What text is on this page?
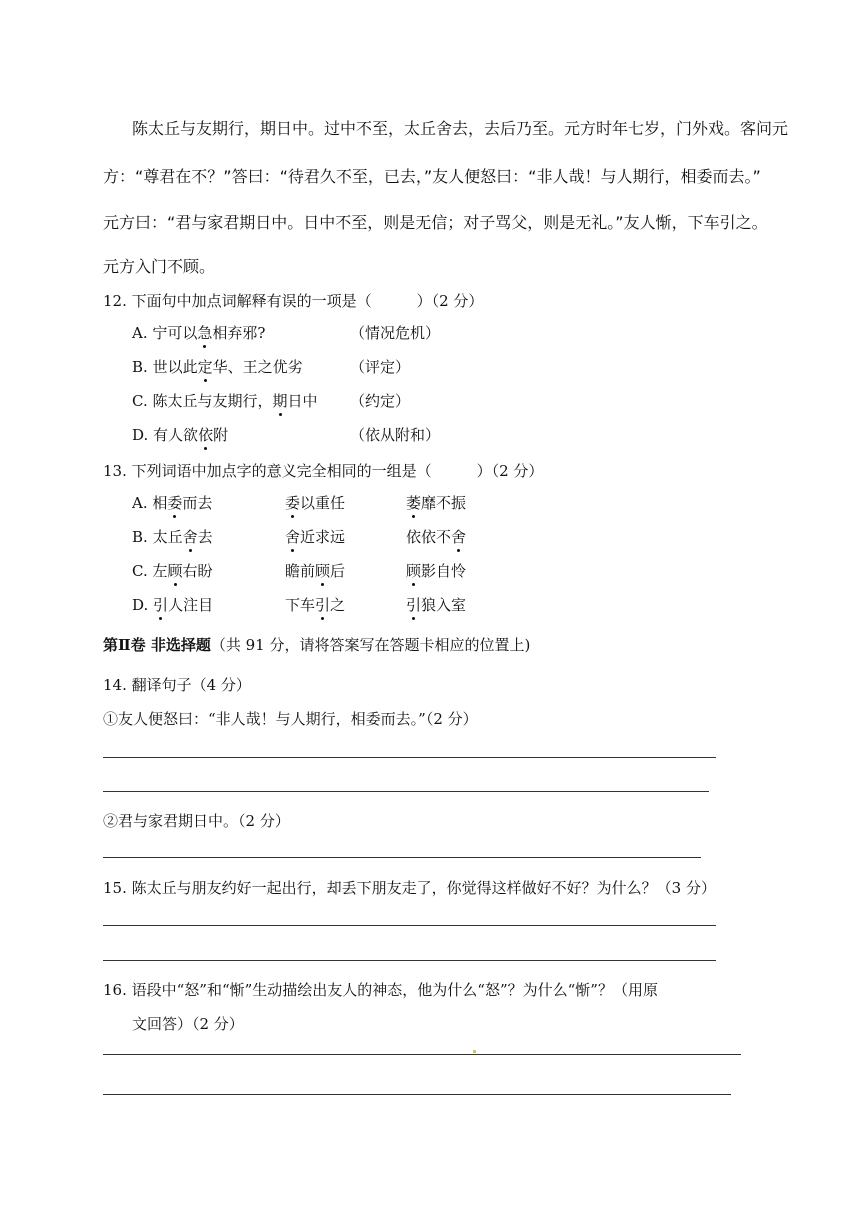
陈太丘与友期行，期日中。过中不至，太丘舍去，去后乃至。元方时年七岁，门外戏。客问元
方：“尊君在不？”答曰：“待君久不至，已去，”友人便怒曰：“非人哉！与人期行，相委而去。”
元方曰：“君与家君期日中。日中不至，则是无信；对子骂父，则是无礼。”友人惭，下车引之。
元方入门不顾。
12. 下面句中加点词解释有误的一项是（　　　）（2 分）
A. 宁可以急相弃邪?	（情况危机）
B. 世以此定华、王之优劣	（评定）
C. 陈太丘与友期行，期日中 （约定）
D. 有人欲依附	（依从附和）
13. 下列词语中加点字的意义完全相同的一组是（　　　）（2 分）
A. 相委而去	委以重任	萎靡不振
B. 太丘舍去	舍近求远	依依不舍
C. 左顾右盼	瞻前顾后	顾影自怜
D. 引人注目	下车引之	引狼入室
第Ⅱ卷 非选择题（共 91 分，请将答案写在答题卡相应的位置上)
14. 翻译句子（4 分）
①友人便怒曰：“非人哉！与人期行，相委而去。”（2 分）
②君与家君期日中。（2 分）
15. 陈太丘与朋友约好一起出行，却丢下朋友走了，你觉得这样做好不好？为什么？（3 分）
16. 语段中“怒”和“惭”生动描绘出友人的神态，他为什么“怒”？为什么“惭”？（用原
文回答）（2 分）
